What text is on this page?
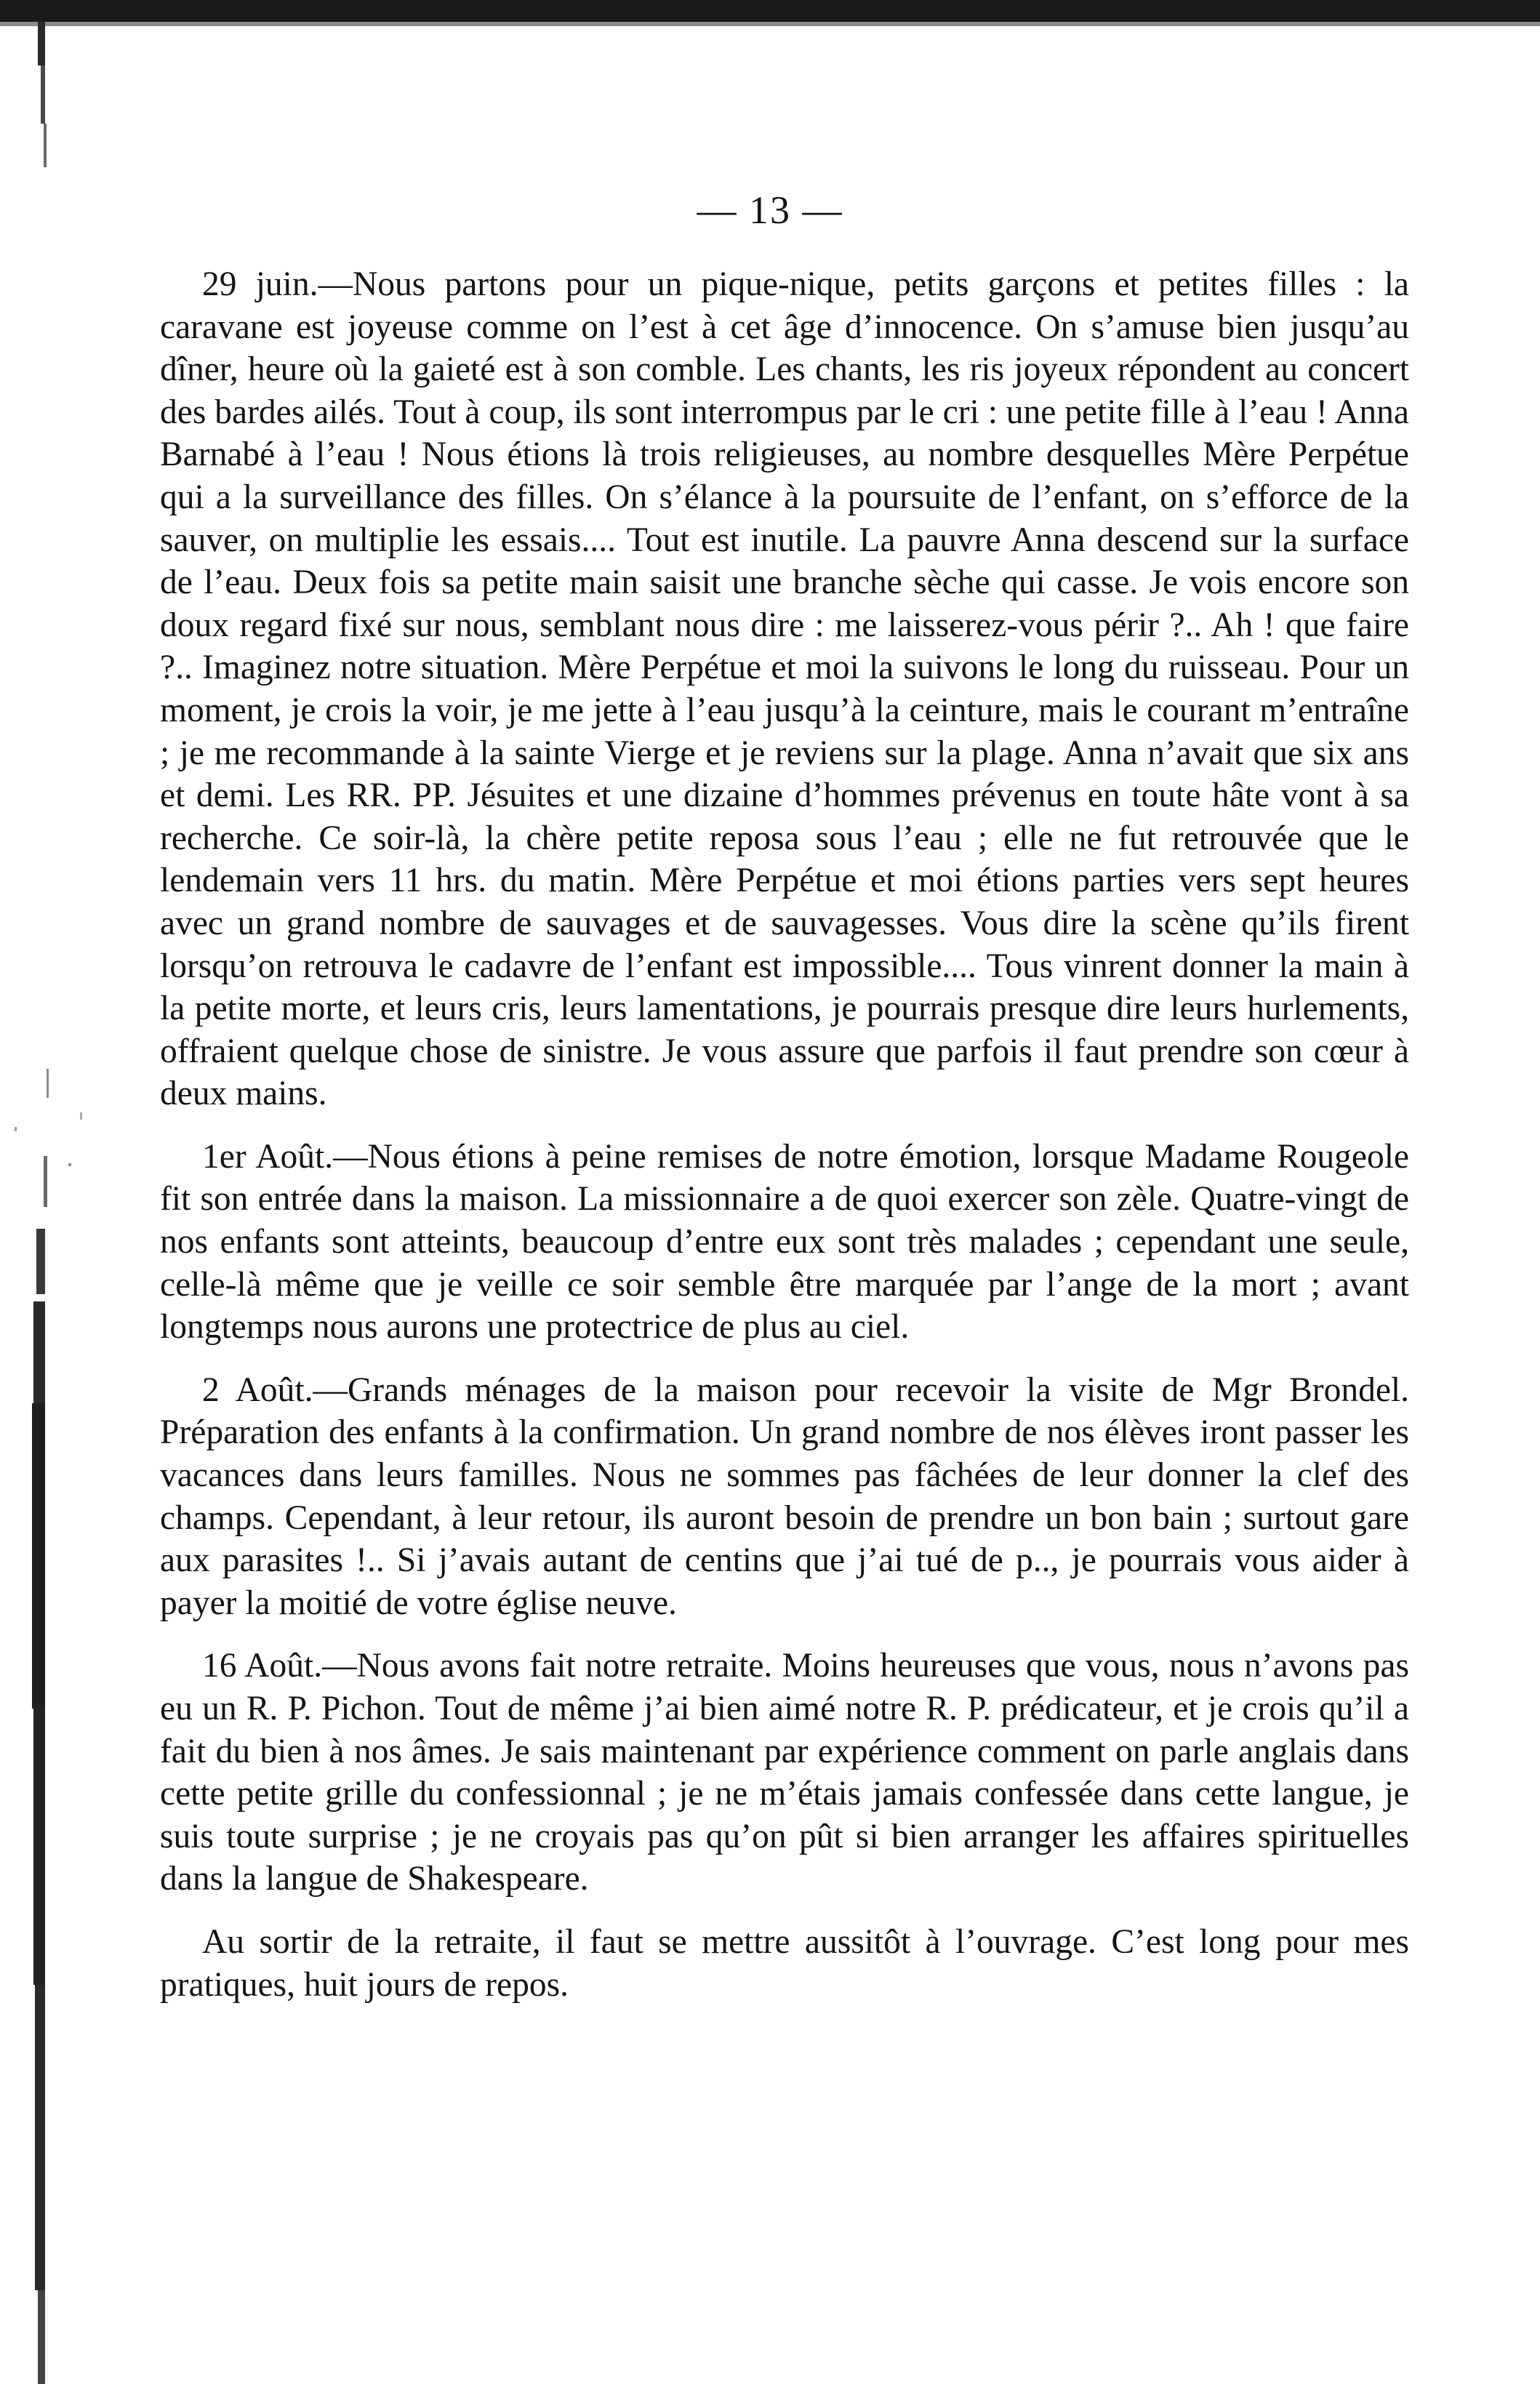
— 13 —

29 juin.—Nous partons pour un pique-nique, petits garçons et petites filles : la caravane est joyeuse comme on l’est à cet âge d’innocence. On s’amuse bien jusqu’au dîner, heure où la gaieté est à son comble. Les chants, les ris joyeux répondent au concert des bardes ailés. Tout à coup, ils sont interrompus par le cri : une petite fille à l’eau ! Anna Barnabé à l’eau ! Nous étions là trois religieuses, au nombre desquelles Mère Perpétue qui a la surveillance des filles. On s’élance à la poursuite de l’enfant, on s’efforce de la sauver, on multiplie les essais.... Tout est inutile. La pauvre Anna descend sur la surface de l’eau. Deux fois sa petite main saisit une branche sèche qui casse. Je vois encore son doux regard fixé sur nous, semblant nous dire : me laisserez-vous périr ?.. Ah ! que faire ?.. Imaginez notre situation. Mère Perpétue et moi la suivons le long du ruisseau. Pour un moment, je crois la voir, je me jette à l’eau jusqu’à la ceinture, mais le courant m’entraîne ; je me recommande à la sainte Vierge et je reviens sur la plage. Anna n’avait que six ans et demi. Les RR. PP. Jésuites et une dizaine d’hommes prévenus en toute hâte vont à sa recherche. Ce soir-là, la chère petite reposa sous l’eau ; elle ne fut retrouvée que le lendemain vers 11 hrs. du matin. Mère Perpétue et moi étions parties vers sept heures avec un grand nombre de sauvages et de sauvagesses. Vous dire la scène qu’ils firent lorsqu’on retrouva le cadavre de l’enfant est impossible.... Tous vinrent donner la main à la petite morte, et leurs cris, leurs lamentations, je pourrais presque dire leurs hurlements, offraient quelque chose de sinistre. Je vous assure que parfois il faut prendre son cœur à deux mains.

1er Août.—Nous étions à peine remises de notre émotion, lorsque Madame Rougeole fit son entrée dans la maison. La missionnaire a de quoi exercer son zèle. Quatre-vingt de nos enfants sont atteints, beaucoup d’entre eux sont très malades ; cependant une seule, celle-là même que je veille ce soir semble être marquée par l’ange de la mort ; avant longtemps nous aurons une protectrice de plus au ciel.

2 Août.—Grands ménages de la maison pour recevoir la visite de Mgr Brondel. Préparation des enfants à la confirmation. Un grand nombre de nos élèves iront passer les vacances dans leurs familles. Nous ne sommes pas fâchées de leur donner la clef des champs. Cependant, à leur retour, ils auront besoin de prendre un bon bain ; surtout gare aux parasites !.. Si j’avais autant de centins que j’ai tué de p.., je pourrais vous aider à payer la moitié de votre église neuve.

16 Août.—Nous avons fait notre retraite. Moins heureuses que vous, nous n’avons pas eu un R. P. Pichon. Tout de même j’ai bien aimé notre R. P. prédicateur, et je crois qu’il a fait du bien à nos âmes. Je sais maintenant par expérience comment on parle anglais dans cette petite grille du confessionnal ; je ne m’étais jamais confessée dans cette langue, je suis toute surprise ; je ne croyais pas qu’on pût si bien arranger les affaires spirituelles dans la langue de Shakespeare.

Au sortir de la retraite, il faut se mettre aussitôt à l’ouvrage. C’est long pour mes pratiques, huit jours de repos.
